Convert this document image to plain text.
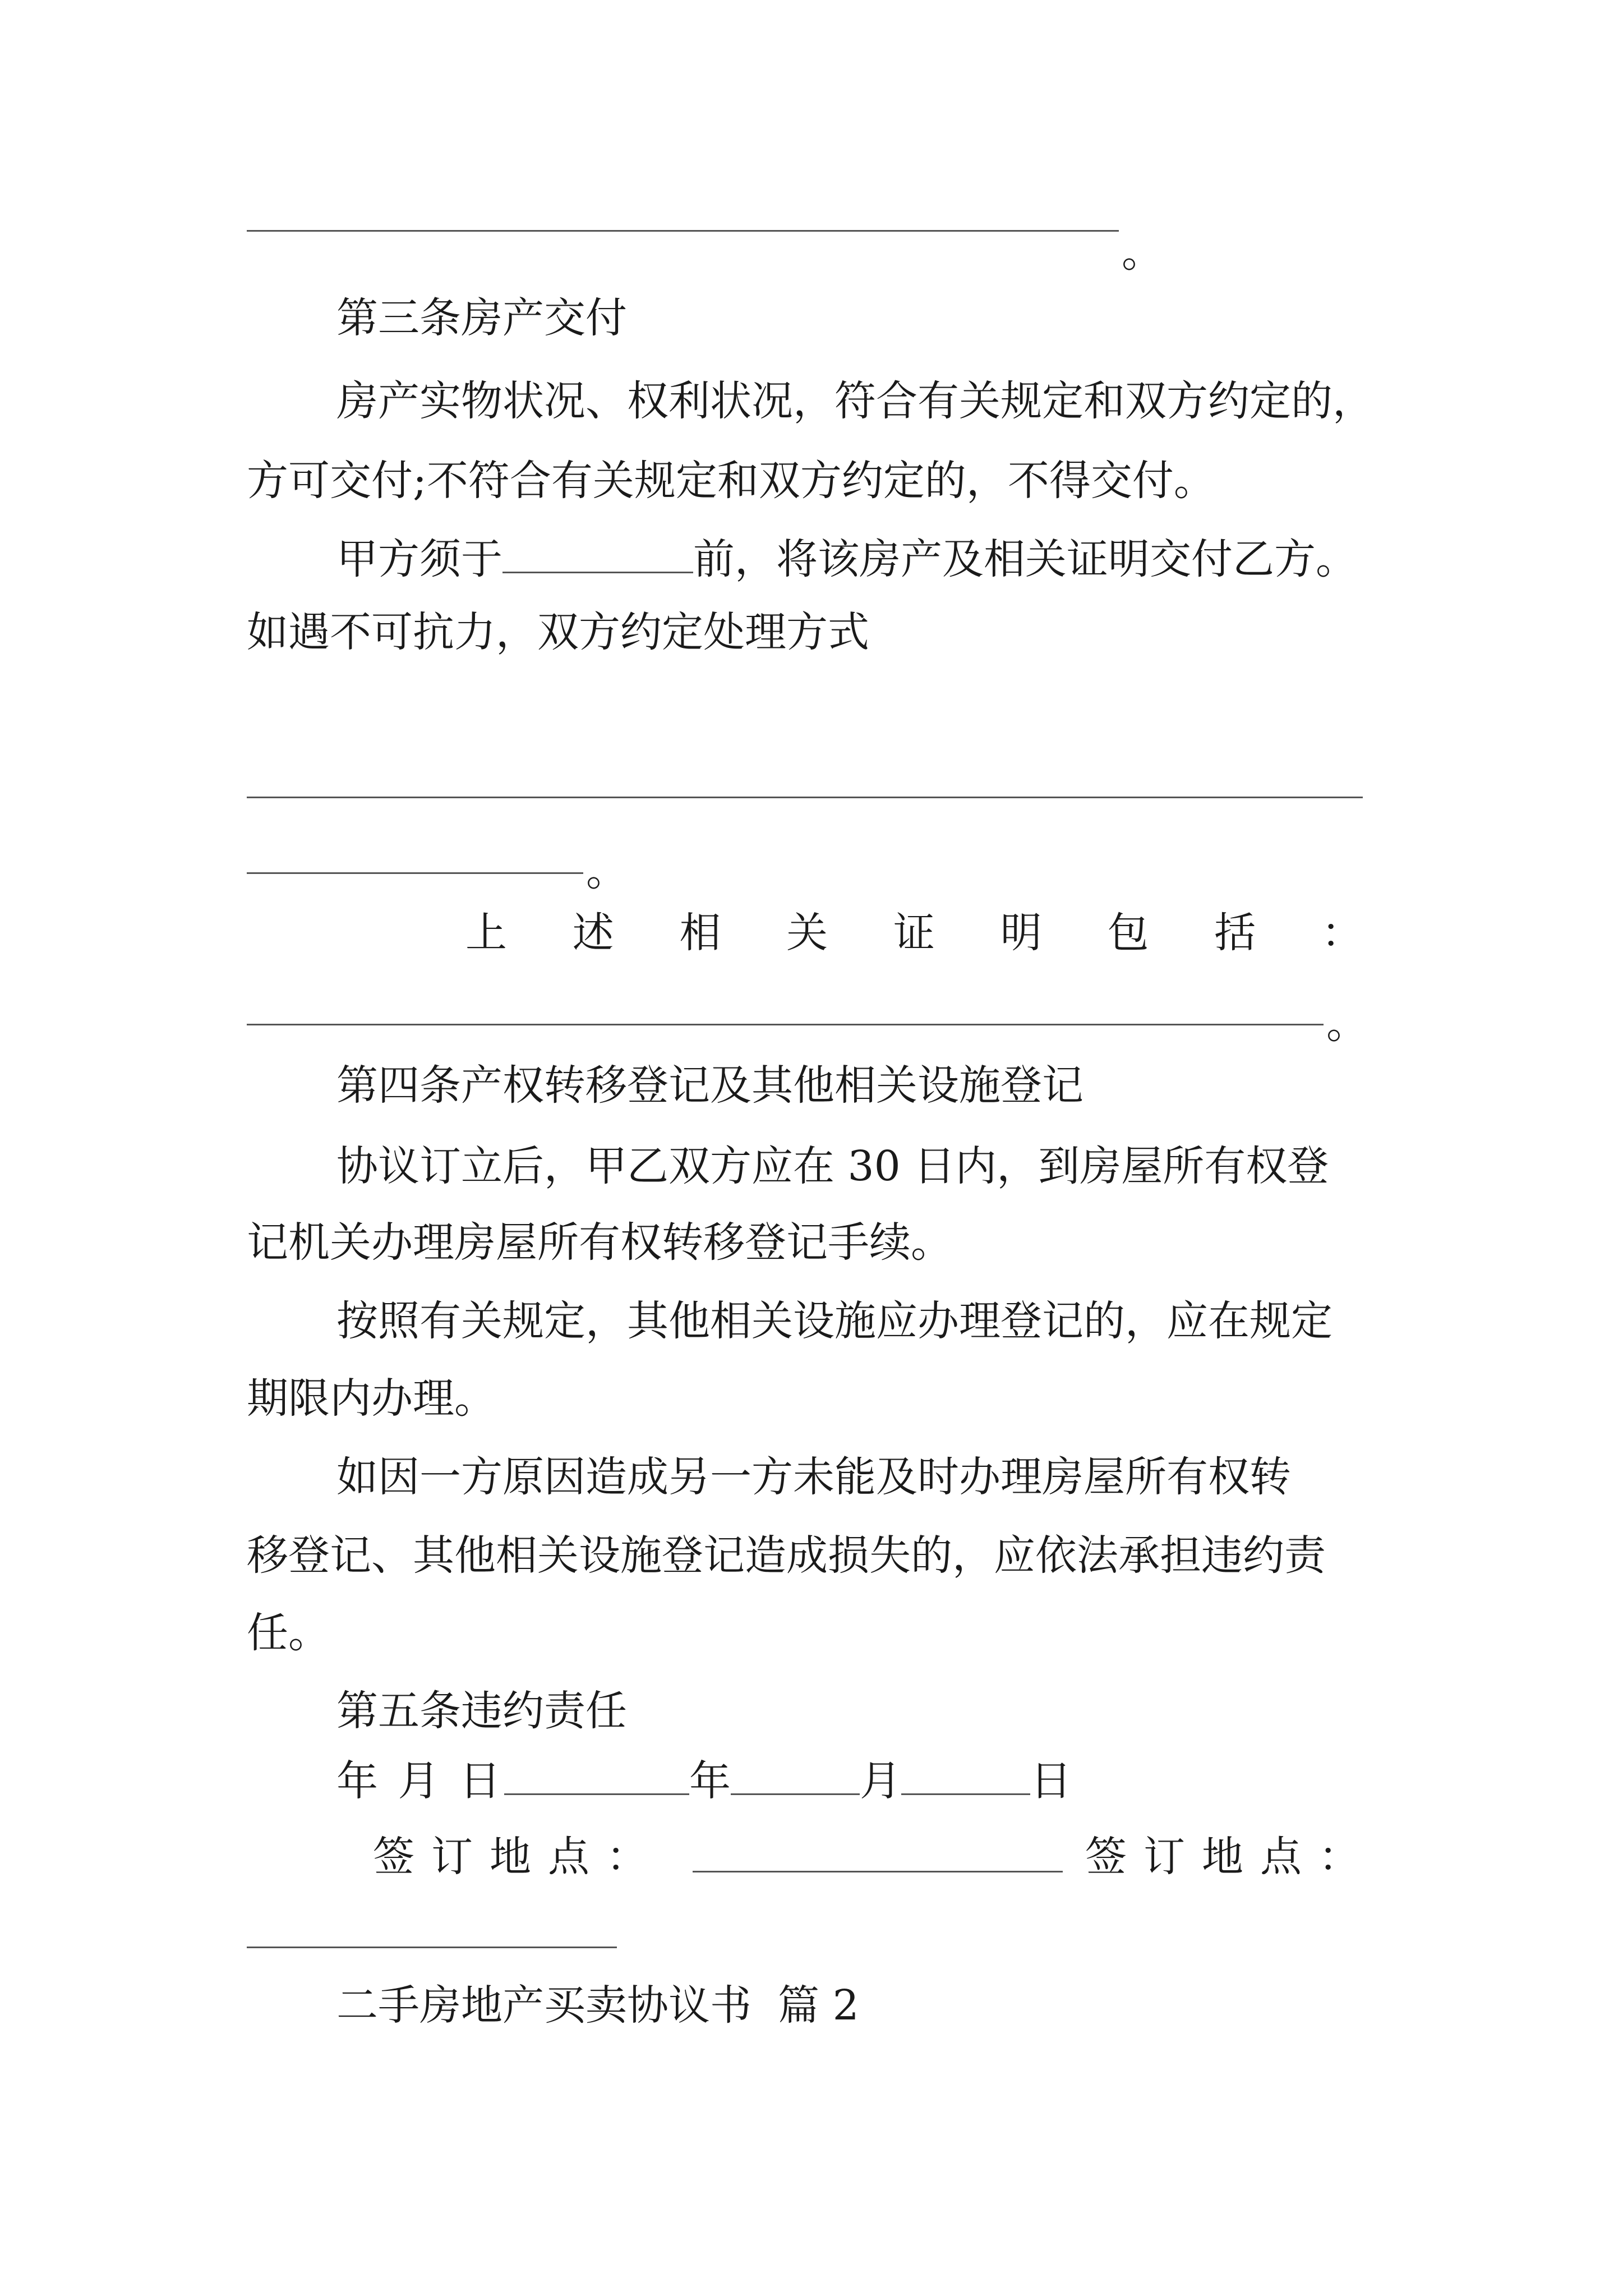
。
第三条房产交付
房产实物状况、权利状况，符合有关规定和双方约定的，
方可交付;不符合有关规定和双方约定的，不得交付。
甲方须于	前，将该房产及相关证明交付乙方。
如遇不可抗力，双方约定处理方式
。
上 述 相 关 证 明 包 括 ：
。
第四条产权转移登记及其他相关设施登记
协议订立后，甲乙双方应在 30 日内，到房屋所有权登
记机关办理房屋所有权转移登记手续。
按照有关规定，其他相关设施应办理登记的，应在规定
期限内办理。
如因一方原因造成另一方未能及时办理房屋所有权转
移登记、其他相关设施登记造成损失的，应依法承担违约责
任。
第五条违约责任
年 月 日	年	月	日
签 订 地 点 ：	签 订 地 点 ：
二手房地产买卖协议书  篇 2
